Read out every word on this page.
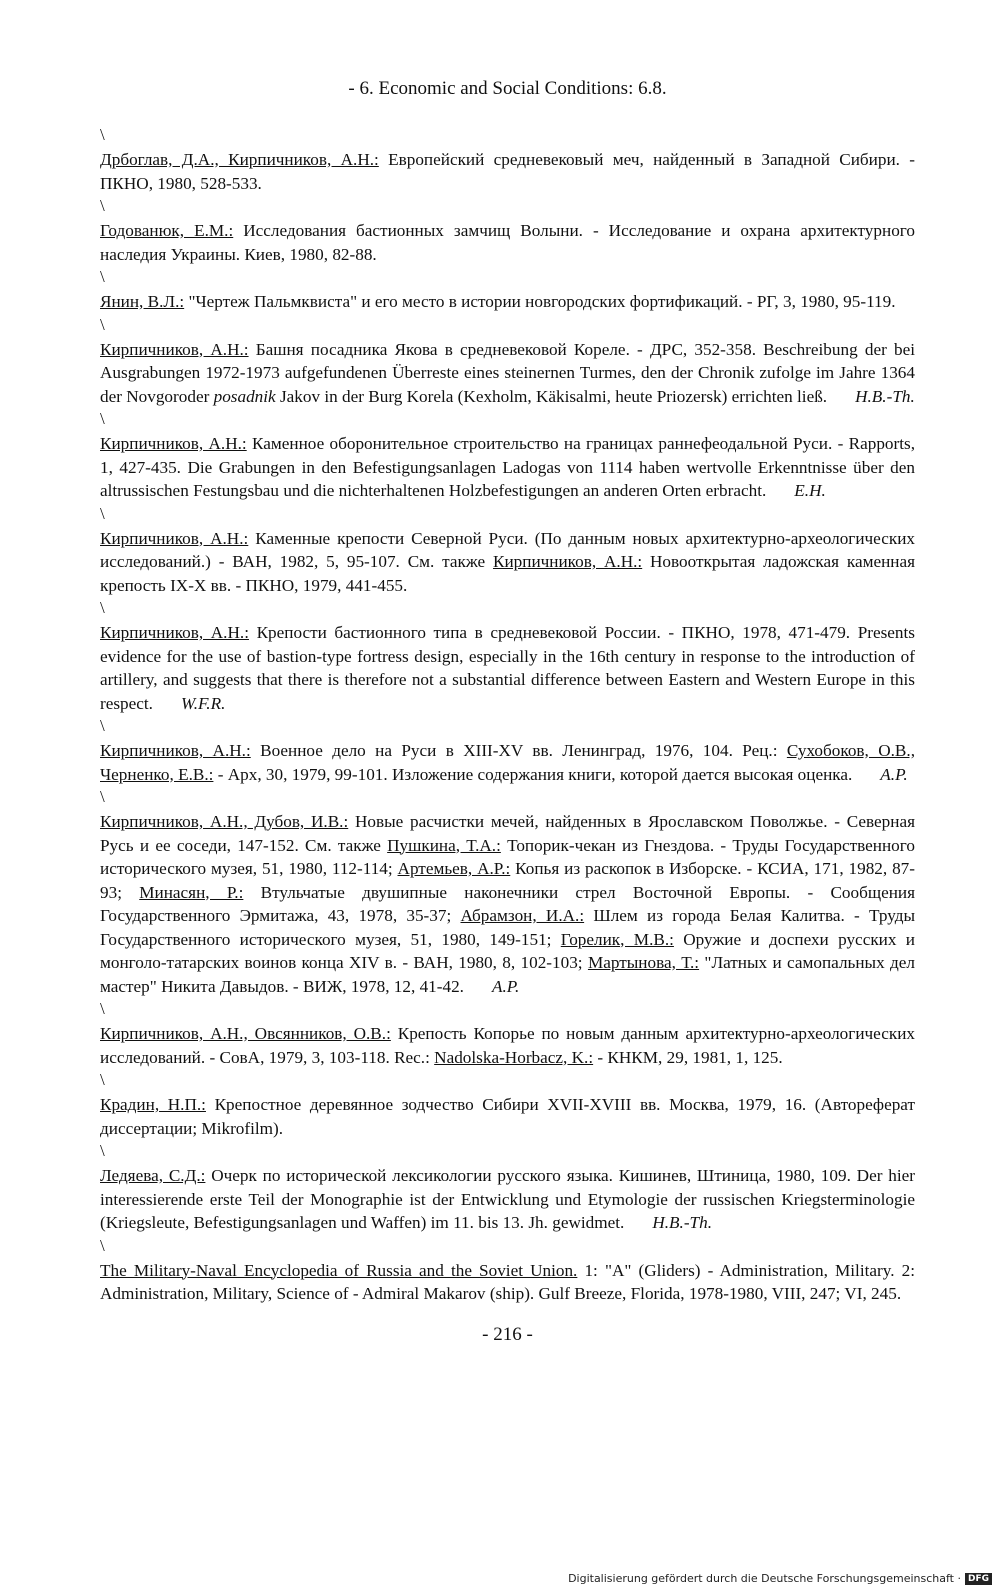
- 6. Economic and Social Conditions: 6.8.
\

Дрбоглав, Д.А., Кирпичников, А.Н.: Европейский средневековый меч, найденный в Западной Сибири. - ПКНО, 1980, 528-533.

\

Годованюк, Е.М.: Исследования бастионных замчищ Волыни. - Исследование и охрана архитектурного наследия Украины. Киев, 1980, 82-88.

\

Янин, В.Л.: "Чертеж Пальмквиста" и его место в истории новгородских фортификаций. - РГ, 3, 1980, 95-119.

\

Кирпичников, А.Н.: Башня посадника Якова в средневековой Кореле. - ДРС, 352-358. Beschreibung der bei Ausgrabungen 1972-1973 aufgefundenen Überreste eines steinernen Turmes, den der Chronik zufolge im Jahre 1364 der Novgoroder posadnik Jakov in der Burg Korela (Kexholm, Käkisalmi, heute Priozersk) errichten ließ. H.B.-Th.

\

Кирпичников, А.Н.: Каменное оборонительное строительство на границах раннефеодальной Руси. - Rapports, 1, 427-435. Die Grabungen in den Befestigungsanlagen Ladogas von 1114 haben wertvolle Erkenntnisse über den altrussischen Festungsbau und die nichterhaltenen Holzbefestigungen an anderen Orten erbracht. E.H.

\

Кирпичников, А.Н.: Каменные крепости Северной Руси. (По данным новых архитектурно-археологических исследований.) - ВАН, 1982, 5, 95-107. См. также Кирпичников, А.Н.: Новооткрытая ладожская каменная крепость IX-X вв. - ПКНО, 1979, 441-455.

\

Кирпичников, А.Н.: Крепости бастионного типа в средневековой России. - ПКНО, 1978, 471-479. Presents evidence for the use of bastion-type fortress design, especially in the 16th century in response to the introduction of artillery, and suggests that there is therefore not a substantial difference between Eastern and Western Europe in this respect. W.F.R.

\

Кирпичников, А.Н.: Военное дело на Руси в XIII-XV вв. Ленинград, 1976, 104. Рец.: Сухобоков, О.В., Черненко, Е.В.: - Арх, 30, 1979, 99-101. Изложение содержания книги, которой дается высокая оценка. A.P.

\

Кирпичников, А.Н., Дубов, И.В.: Новые расчистки мечей, найденных в Ярославском Поволжье. - Северная Русь и ее соседи, 147-152. См. также Пушкина, Т.А.: Топорик-чекан из Гнездова. - Труды Государственного исторического музея, 51, 1980, 112-114; Артемьев, А.Р.: Копья из раскопок в Изборске. - КСИА, 171, 1982, 87-93; Минасян, Р.: Втульчатые двушипные наконечники стрел Восточной Европы. - Сообщения Государственного Эрмитажа, 43, 1978, 35-37; Абрамзон, И.А.: Шлем из города Белая Калитва. - Труды Государственного исторического музея, 51, 1980, 149-151; Горелик, М.В.: Оружие и доспехи русских и монголо-татарских воинов конца XIV в. - ВАН, 1980, 8, 102-103; Мартынова, Т.: "Латных и самопальных дел мастер" Никита Давыдов. - ВИЖ, 1978, 12, 41-42. A.P.

\

Кирпичников, А.Н., Овсянников, О.В.: Крепость Копорье по новым данным архитектурно-археологических исследований. - СовА, 1979, 3, 103-118. Rec.: Nadolska-Horbacz, K.: - КНКМ, 29, 1981, 1, 125.

\

Крадин, Н.П.: Крепостное деревянное зодчество Сибири XVII-XVIII вв. Москва, 1979, 16. (Автореферат диссертации; Mikrofilm).

\

Ледяева, С.Д.: Очерк по исторической лексикологии русского языка. Кишинев, Штиница, 1980, 109. Der hier interessierende erste Teil der Monographie ist der Entwicklung und Etymologie der russischen Kriegsterminologie (Kriegsleute, Befestigungsanlagen und Waffen) im 11. bis 13. Jh. gewidmet. H.B.-Th.

\

The Military-Naval Encyclopedia of Russia and the Soviet Union. 1: "A" (Gliders) - Administration, Military. 2: Administration, Military, Science of - Admiral Makarov (ship). Gulf Breeze, Florida, 1978-1980, VIII, 247; VI, 245.

- 216 -
Digitalisierung gefördert durch die Deutsche Forschungsgemeinschaft · DFG
